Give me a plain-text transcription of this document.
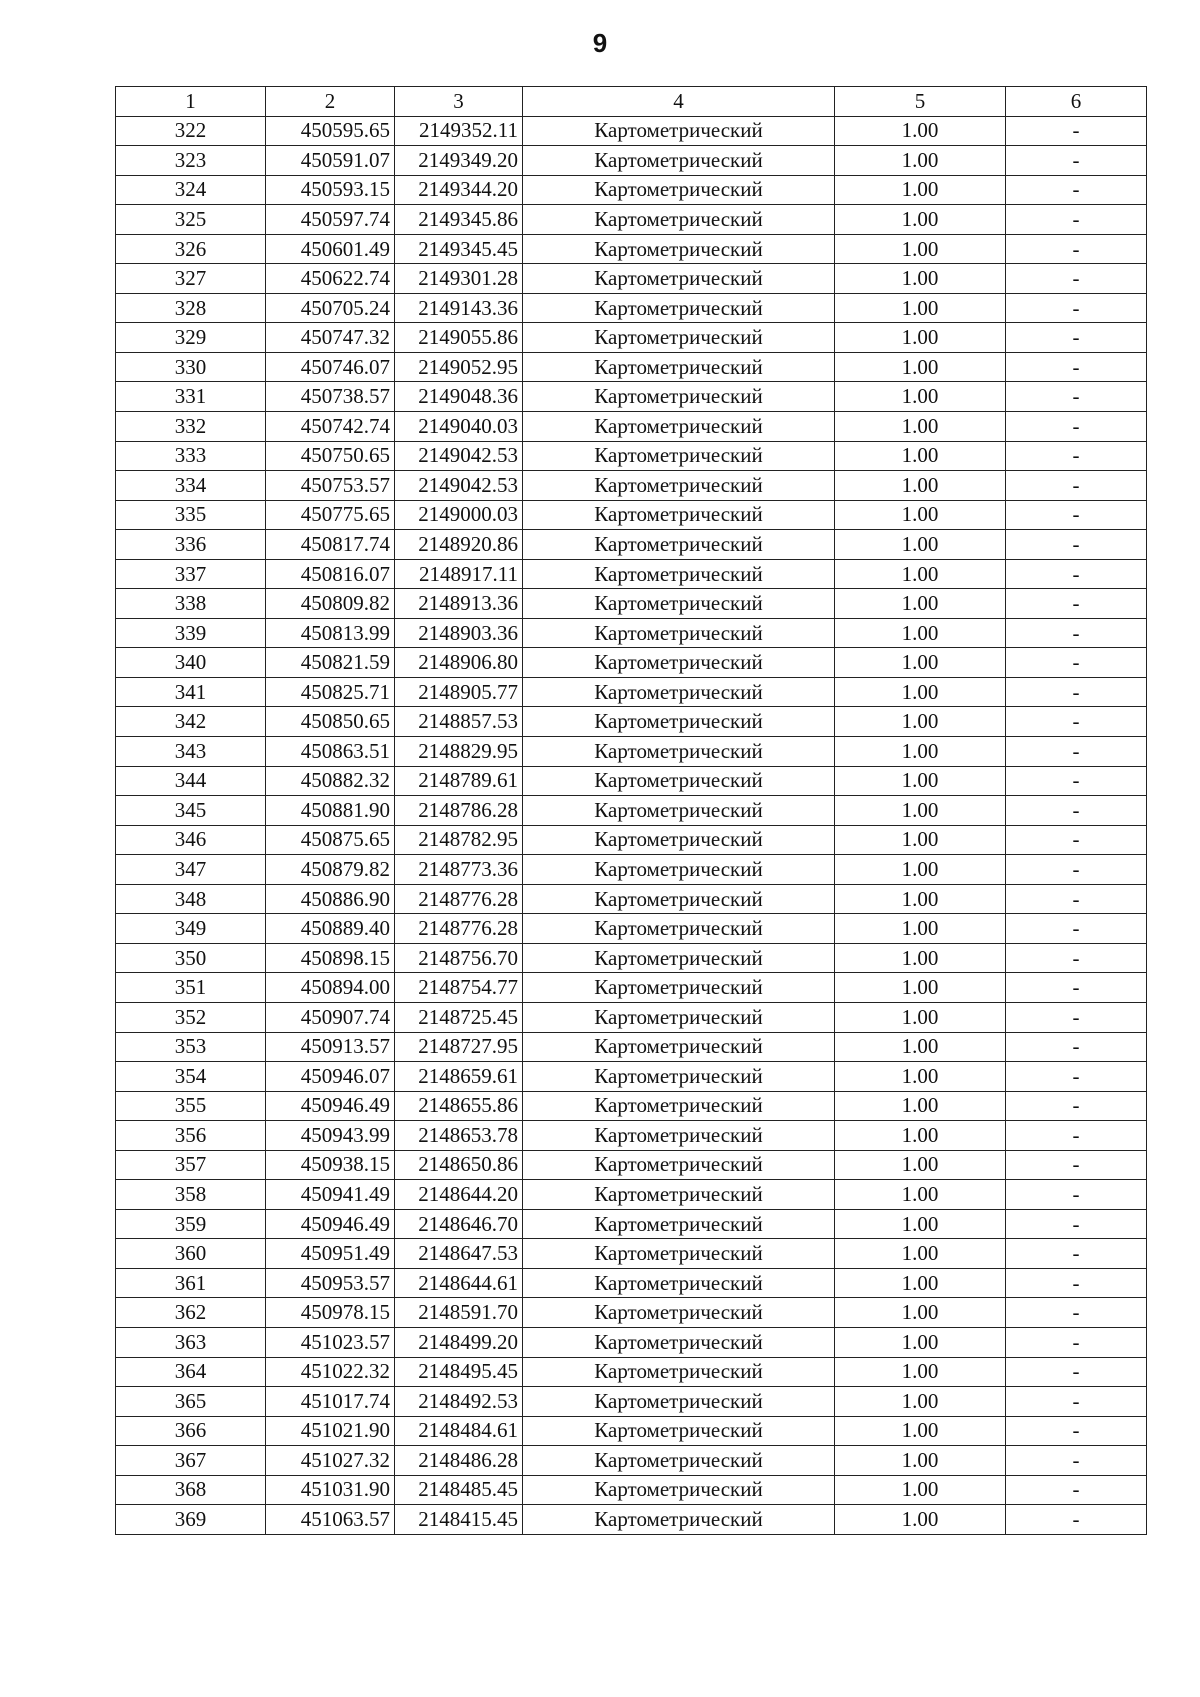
9
1	2	3	4	5	6
322	450595.65	2149352.11	Картометрический	1.00	-
323	450591.07	2149349.20	Картометрический	1.00	-
324	450593.15	2149344.20	Картометрический	1.00	-
325	450597.74	2149345.86	Картометрический	1.00	-
326	450601.49	2149345.45	Картометрический	1.00	-
327	450622.74	2149301.28	Картометрический	1.00	-
328	450705.24	2149143.36	Картометрический	1.00	-
329	450747.32	2149055.86	Картометрический	1.00	-
330	450746.07	2149052.95	Картометрический	1.00	-
331	450738.57	2149048.36	Картометрический	1.00	-
332	450742.74	2149040.03	Картометрический	1.00	-
333	450750.65	2149042.53	Картометрический	1.00	-
334	450753.57	2149042.53	Картометрический	1.00	-
335	450775.65	2149000.03	Картометрический	1.00	-
336	450817.74	2148920.86	Картометрический	1.00	-
337	450816.07	2148917.11	Картометрический	1.00	-
338	450809.82	2148913.36	Картометрический	1.00	-
339	450813.99	2148903.36	Картометрический	1.00	-
340	450821.59	2148906.80	Картометрический	1.00	-
341	450825.71	2148905.77	Картометрический	1.00	-
342	450850.65	2148857.53	Картометрический	1.00	-
343	450863.51	2148829.95	Картометрический	1.00	-
344	450882.32	2148789.61	Картометрический	1.00	-
345	450881.90	2148786.28	Картометрический	1.00	-
346	450875.65	2148782.95	Картометрический	1.00	-
347	450879.82	2148773.36	Картометрический	1.00	-
348	450886.90	2148776.28	Картометрический	1.00	-
349	450889.40	2148776.28	Картометрический	1.00	-
350	450898.15	2148756.70	Картометрический	1.00	-
351	450894.00	2148754.77	Картометрический	1.00	-
352	450907.74	2148725.45	Картометрический	1.00	-
353	450913.57	2148727.95	Картометрический	1.00	-
354	450946.07	2148659.61	Картометрический	1.00	-
355	450946.49	2148655.86	Картометрический	1.00	-
356	450943.99	2148653.78	Картометрический	1.00	-
357	450938.15	2148650.86	Картометрический	1.00	-
358	450941.49	2148644.20	Картометрический	1.00	-
359	450946.49	2148646.70	Картометрический	1.00	-
360	450951.49	2148647.53	Картометрический	1.00	-
361	450953.57	2148644.61	Картометрический	1.00	-
362	450978.15	2148591.70	Картометрический	1.00	-
363	451023.57	2148499.20	Картометрический	1.00	-
364	451022.32	2148495.45	Картометрический	1.00	-
365	451017.74	2148492.53	Картометрический	1.00	-
366	451021.90	2148484.61	Картометрический	1.00	-
367	451027.32	2148486.28	Картометрический	1.00	-
368	451031.90	2148485.45	Картометрический	1.00	-
369	451063.57	2148415.45	Картометрический	1.00	-
